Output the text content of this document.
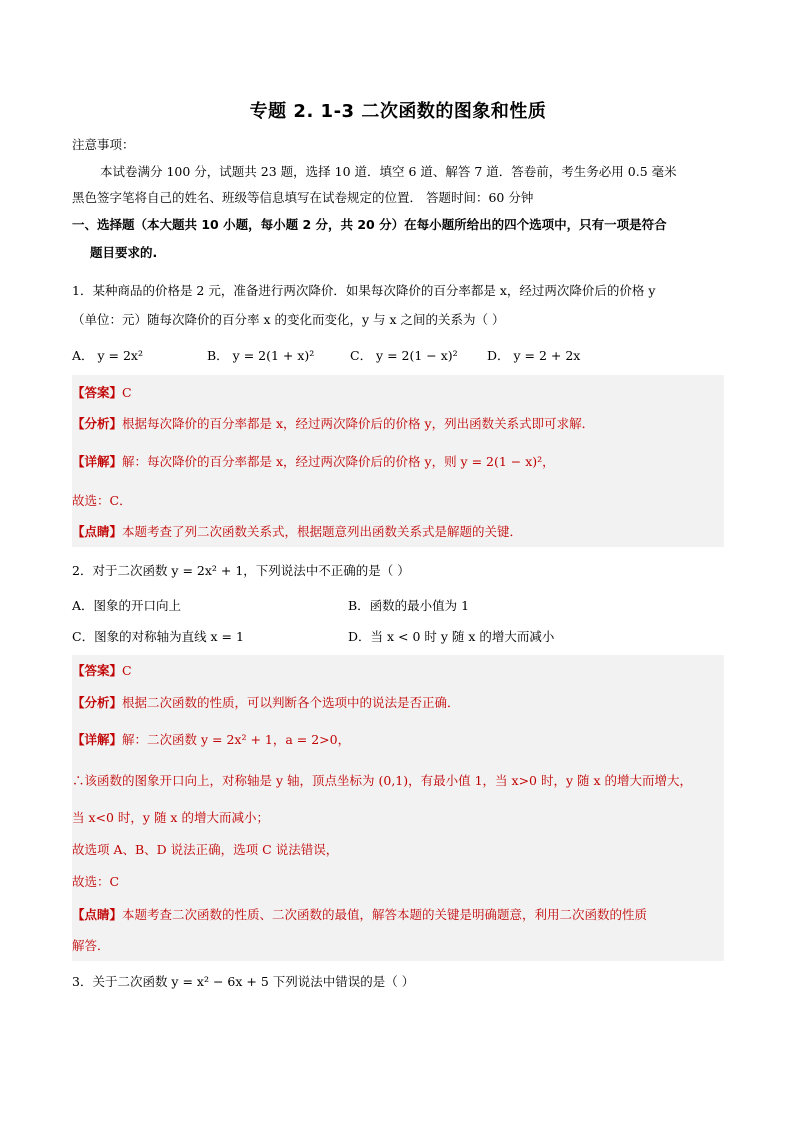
专题 2. 1-3 二次函数的图象和性质
注意事项：
本试卷满分 100 分，试题共 23 题，选择 10 道．填空 6 道、解答 7 道．答卷前，考生务必用 0.5 毫米
黑色签字笔将自己的姓名、班级等信息填写在试卷规定的位置． 答题时间：60 分钟
一、选择题（本大题共 10 小题，每小题 2 分，共 20 分）在每小题所给出的四个选项中，只有一项是符合
题目要求的.
1．某种商品的价格是 2 元，准备进行两次降价．如果每次降价的百分率都是 x，经过两次降价后的价格 y
（单位：元）随每次降价的百分率 x 的变化而变化，y 与 x 之间的关系为（ ）
A． y = 2x²	B． y = 2(1 + x)²	C． y = 2(1 − x)² D． y = 2 + 2x
【答案】C
【分析】根据每次降价的百分率都是 x，经过两次降价后的价格 y，列出函数关系式即可求解．
【详解】解：每次降价的百分率都是 x，经过两次降价后的价格 y，则 y = 2(1 − x)²，
故选：C．
【点睛】本题考查了列二次函数关系式，根据题意列出函数关系式是解题的关键．
2．对于二次函数 y = 2x² + 1，下列说法中不正确的是（ ）
A．图象的开口向上	B．函数的最小值为 1
C．图象的对称轴为直线 x = 1	D．当 x < 0 时 y 随 x 的增大而减小
【答案】C
【分析】根据二次函数的性质，可以判断各个选项中的说法是否正确．
【详解】解：二次函数 y = 2x² + 1，a = 2>0，
∴该函数的图象开口向上，对称轴是 y 轴，顶点坐标为 (0,1)，有最小值 1，当 x>0 时，y 随 x 的增大而增大，
当 x<0 时，y 随 x 的增大而减小；
故选项 A、B、D 说法正确，选项 C 说法错误，
故选：C
【点睛】本题考查二次函数的性质、二次函数的最值，解答本题的关键是明确题意，利用二次函数的性质
解答．
3．关于二次函数 y = x² − 6x + 5 下列说法中错误的是（ ）
